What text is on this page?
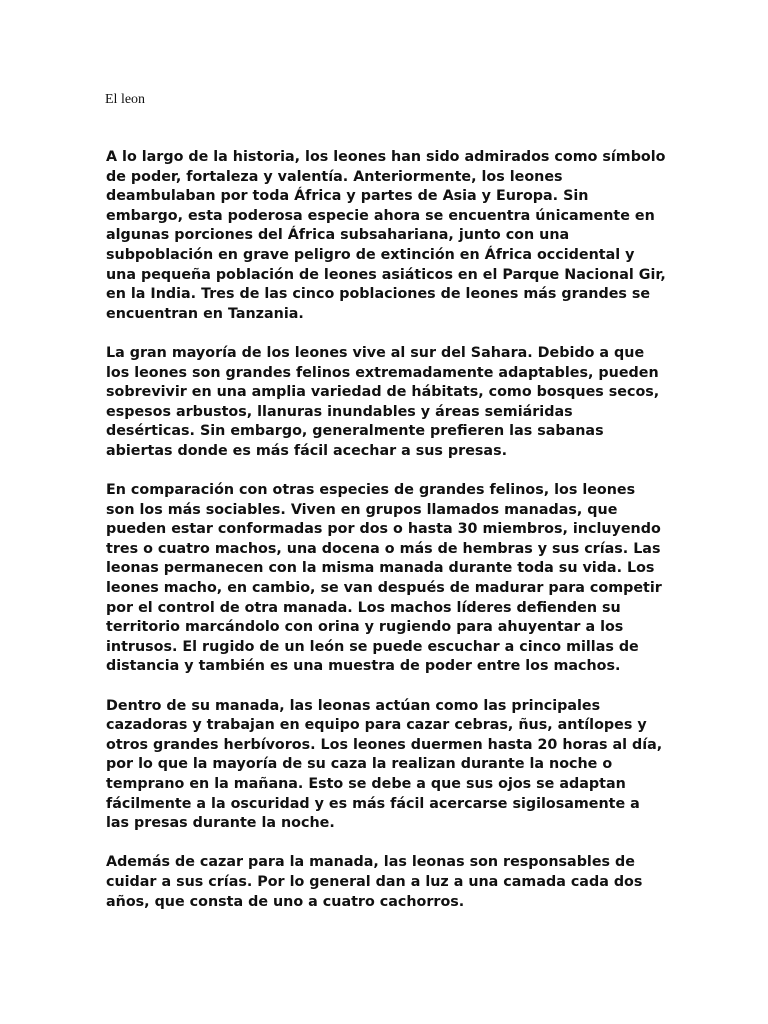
El leon

A lo largo de la historia, los leones han sido admirados como símbolo de poder, fortaleza y valentía. Anteriormente, los leones deambulaban por toda África y partes de Asia y Europa. Sin embargo, esta poderosa especie ahora se encuentra únicamente en algunas porciones del África subsahariana, junto con una subpoblación en grave peligro de extinción en África occidental y una pequeña población de leones asiáticos en el Parque Nacional Gir, en la India. Tres de las cinco poblaciones de leones más grandes se encuentran en Tanzania.

La gran mayoría de los leones vive al sur del Sahara. Debido a que los leones son grandes felinos extremadamente adaptables, pueden sobrevivir en una amplia variedad de hábitats, como bosques secos, espesos arbustos, llanuras inundables y áreas semiáridas desérticas. Sin embargo, generalmente prefieren las sabanas abiertas donde es más fácil acechar a sus presas.

En comparación con otras especies de grandes felinos, los leones son los más sociables. Viven en grupos llamados manadas, que pueden estar conformadas por dos o hasta 30 miembros, incluyendo tres o cuatro machos, una docena o más de hembras y sus crías. Las leonas permanecen con la misma manada durante toda su vida. Los leones macho, en cambio, se van después de madurar para competir por el control de otra manada. Los machos líderes defienden su territorio marcándolo con orina y rugiendo para ahuyentar a los intrusos. El rugido de un león se puede escuchar a cinco millas de distancia y también es una muestra de poder entre los machos.

Dentro de su manada, las leonas actúan como las principales cazadoras y trabajan en equipo para cazar cebras, ñus, antílopes y otros grandes herbívoros. Los leones duermen hasta 20 horas al día, por lo que la mayoría de su caza la realizan durante la noche o temprano en la mañana. Esto se debe a que sus ojos se adaptan fácilmente a la oscuridad y es más fácil acercarse sigilosamente a las presas durante la noche.

Además de cazar para la manada, las leonas son responsables de cuidar a sus crías. Por lo general dan a luz a una camada cada dos años, que consta de uno a cuatro cachorros.
